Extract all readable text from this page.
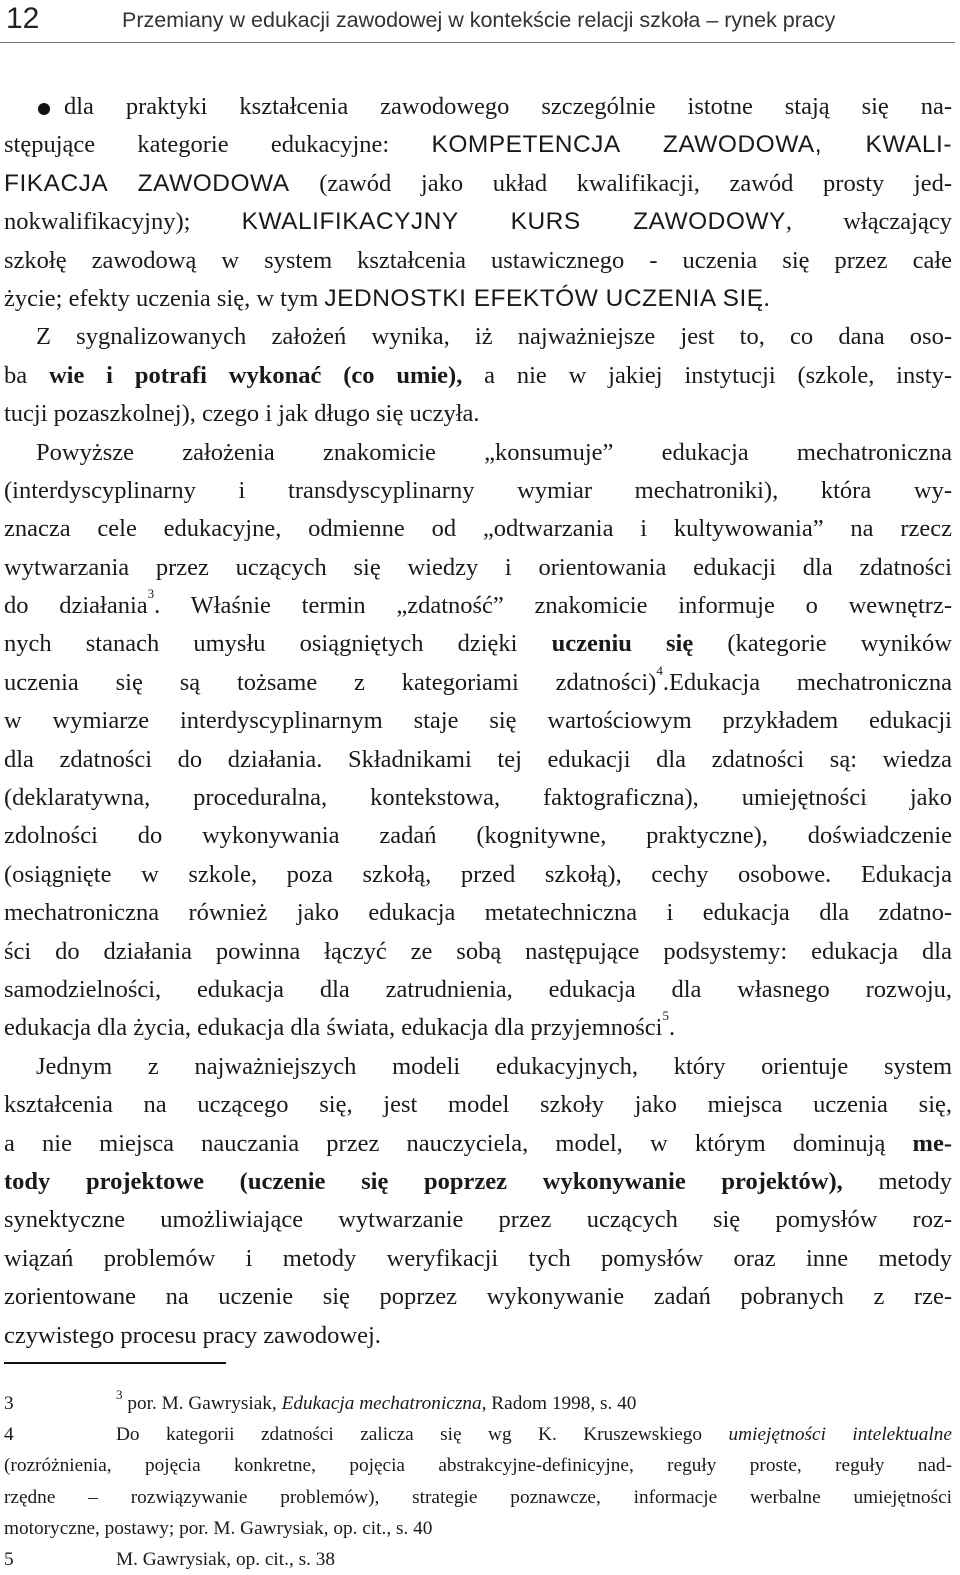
12	Przemiany w edukacji zawodowej w kontekście relacji szkoła – rynek pracy
dla praktyki kształcenia zawodowego szczególnie istotne stają się na-
stępujące kategorie edukacyjne: KOMPETENCJA ZAWODOWA, KWALI-
FIKACJA ZAWODOWA (zawód jako układ kwalifikacji, zawód prosty jed-
nokwalifikacyjny); KWALIFIKACYJNY KURS ZAWODOWY, włączający
szkołę zawodową w system kształcenia ustawicznego - uczenia się przez całe
życie; efekty uczenia się, w tym JEDNOSTKI EFEKTÓW UCZENIA SIĘ.
Z sygnalizowanych założeń wynika, iż najważniejsze jest to, co dana oso-
ba wie i potrafi wykonać (co umie), a nie w jakiej instytucji (szkole, insty-
tucji pozaszkolnej), czego i jak długo się uczyła.
Powyższe założenia znakomicie „konsumuje” edukacja mechatroniczna
(interdyscyplinarny i transdyscyplinarny wymiar mechatroniki), która wy-
znacza cele edukacyjne, odmienne od „odtwarzania i kultywowania” na rzecz
wytwarzania przez uczących się wiedzy i orientowania edukacji dla zdatności
do działania$^3$. Właśnie termin „zdatność” znakomicie informuje o wewnętrz-
nych stanach umysłu osiągniętych dzięki uczeniu się (kategorie wyników
uczenia się są tożsame z kategoriami zdatności)$^4$.Edukacja mechatroniczna
w wymiarze interdyscyplinarnym staje się wartościowym przykładem edukacji
dla zdatności do działania. Składnikami tej edukacji dla zdatności są: wiedza
(deklaratywna, proceduralna, kontekstowa, faktograficzna), umiejętności jako
zdolności do wykonywania zadań (kognitywne, praktyczne), doświadczenie
(osiągnięte w szkole, poza szkołą, przed szkołą), cechy osobowe. Edukacja
mechatroniczna również jako edukacja metatechniczna i edukacja dla zdatno-
ści do działania powinna łączyć ze sobą następujące podsystemy: edukacja dla
samodzielności, edukacja dla zatrudnienia, edukacja dla własnego rozwoju,
edukacja dla życia, edukacja dla świata, edukacja dla przyjemności$^5$.
Jednym z najważniejszych modeli edukacyjnych, który orientuje system
kształcenia na uczącego się, jest model szkoły jako miejsca uczenia się,
a nie miejsca nauczania przez nauczyciela, model, w którym dominują me-
tody projektowe (uczenie się poprzez wykonywanie projektów), metody
synektyczne umożliwiające wytwarzanie przez uczących się pomysłów roz-
wiązań problemów i metody weryfikacji tych pomysłów oraz inne metody
zorientowane na uczenie się poprzez wykonywanie zadań pobranych z rze-
czywistego procesu pracy zawodowej.
3	$^3$ por. M. Gawrysiak, Edukacja mechatroniczna, Radom 1998, s. 40
4	Do kategorii zdatności zalicza się wg K. Kruszewskiego umiejętności intelektualne
(rozróżnienia, pojęcia konkretne, pojęcia abstrakcyjne-definicyjne, reguły proste, reguły nad-
rzędne – rozwiązywanie problemów), strategie poznawcze, informacje werbalne umiejętności
motoryczne, postawy; por. M. Gawrysiak, op. cit., s. 40
5	M. Gawrysiak, op. cit., s. 38
